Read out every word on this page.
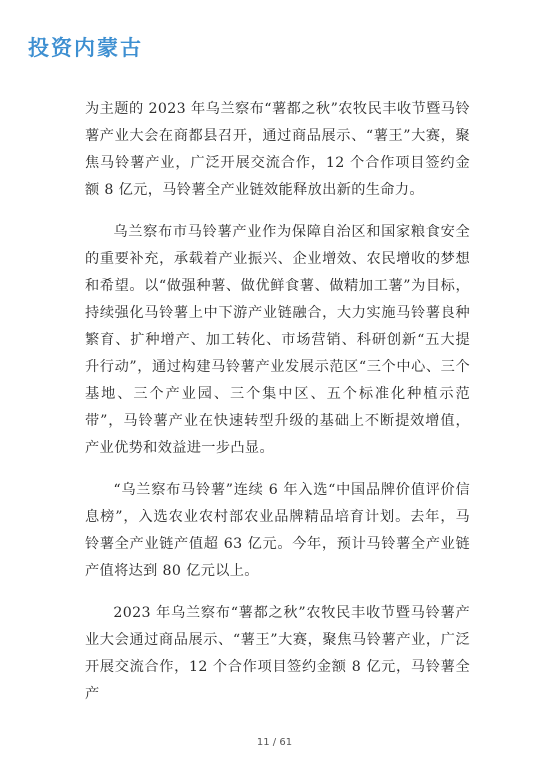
投资内蒙古

为主题的 2023 年乌兰察布“薯都之秋”农牧民丰收节暨马铃薯产业大会在商都县召开，通过商品展示、“薯王”大赛，聚焦马铃薯产业，广泛开展交流合作，12 个合作项目签约金额 8 亿元，马铃薯全产业链效能释放出新的生命力。

乌兰察布市马铃薯产业作为保障自治区和国家粮食安全的重要补充，承载着产业振兴、企业增效、农民增收的梦想和希望。以“做强种薯、做优鲜食薯、做精加工薯”为目标，持续强化马铃薯上中下游产业链融合，大力实施马铃薯良种繁育、扩种增产、加工转化、市场营销、科研创新“五大提升行动”，通过构建马铃薯产业发展示范区“三个中心、三个基地、三个产业园、三个集中区、五个标准化种植示范带”，马铃薯产业在快速转型升级的基础上不断提效增值，产业优势和效益进一步凸显。

“乌兰察布马铃薯”连续 6 年入选“中国品牌价值评价信息榜”，入选农业农村部农业品牌精品培育计划。去年，马铃薯全产业链产值超 63 亿元。今年，预计马铃薯全产业链产值将达到 80 亿元以上。

2023 年乌兰察布“薯都之秋”农牧民丰收节暨马铃薯产业大会通过商品展示、“薯王”大赛，聚焦马铃薯产业，广泛开展交流合作，12 个合作项目签约金额 8 亿元，马铃薯全产

11 / 61
